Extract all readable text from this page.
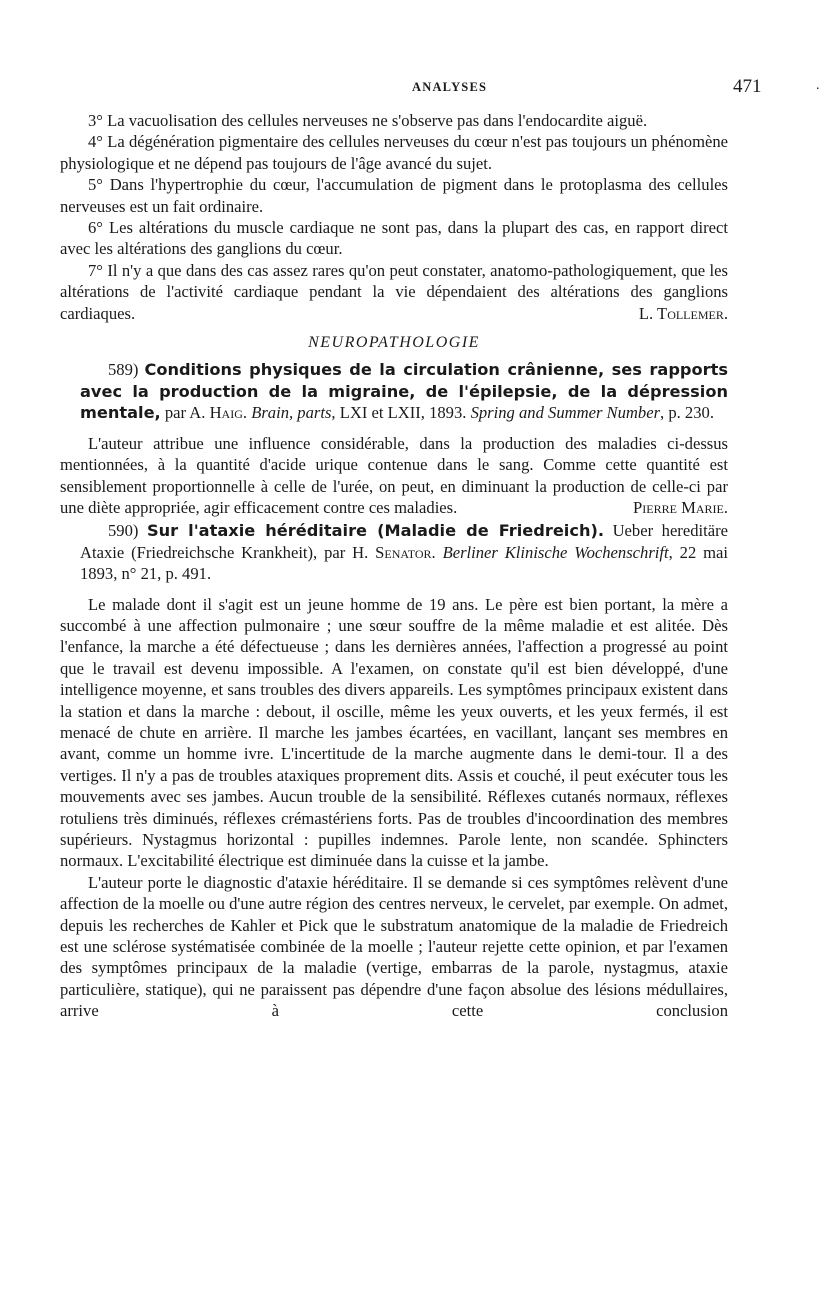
ANALYSES	471	.

3° La vacuolisation des cellules nerveuses ne s'observe pas dans l'endocardite aiguë.

4° La dégénération pigmentaire des cellules nerveuses du cœur n'est pas toujours un phénomène physiologique et ne dépend pas toujours de l'âge avancé du sujet.

5° Dans l'hypertrophie du cœur, l'accumulation de pigment dans le protoplasma des cellules nerveuses est un fait ordinaire.

6° Les altérations du muscle cardiaque ne sont pas, dans la plupart des cas, en rapport direct avec les altérations des ganglions du cœur.

7° Il n'y a que dans des cas assez rares qu'on peut constater, anatomo-pathologiquement, que les altérations de l'activité cardiaque pendant la vie dépendaient des altérations des ganglions cardiaques.	L. Tollemer.

NEUROPATHOLOGIE

589) Conditions physiques de la circulation crânienne, ses rapports avec la production de la migraine, de l'épilepsie, de la dépression mentale, par A. Haig. Brain, parts, LXI et LXII, 1893. Spring and Summer Number, p. 230.

L'auteur attribue une influence considérable, dans la production des maladies ci-dessus mentionnées, à la quantité d'acide urique contenue dans le sang. Comme cette quantité est sensiblement proportionnelle à celle de l'urée, on peut, en diminuant la production de celle-ci par une diète appropriée, agir efficacement contre ces maladies.	Pierre Marie.

590) Sur l'ataxie héréditaire (Maladie de Friedreich). Ueber hereditäre Ataxie (Friedreichsche Krankheit), par H. Senator. Berliner Klinische Wochenschrift, 22 mai 1893, n° 21, p. 491.

Le malade dont il s'agit est un jeune homme de 19 ans. Le père est bien portant, la mère a succombé à une affection pulmonaire ; une sœur souffre de la même maladie et est alitée. Dès l'enfance, la marche a été défectueuse ; dans les dernières années, l'affection a progressé au point que le travail est devenu impossible. A l'examen, on constate qu'il est bien développé, d'une intelligence moyenne, et sans troubles des divers appareils. Les symptômes principaux existent dans la station et dans la marche : debout, il oscille, même les yeux ouverts, et les yeux fermés, il est menacé de chute en arrière. Il marche les jambes écartées, en vacillant, lançant ses membres en avant, comme un homme ivre. L'incertitude de la marche augmente dans le demi-tour. Il a des vertiges. Il n'y a pas de troubles ataxiques proprement dits. Assis et couché, il peut exécuter tous les mouvements avec ses jambes. Aucun trouble de la sensibilité. Réflexes cutanés normaux, réflexes rotuliens très diminués, réflexes crémastériens forts. Pas de troubles d'incoordination des membres supérieurs. Nystagmus horizontal : pupilles indemnes. Parole lente, non scandée. Sphincters normaux. L'excitabilité électrique est diminuée dans la cuisse et la jambe.

L'auteur porte le diagnostic d'ataxie héréditaire. Il se demande si ces symptômes relèvent d'une affection de la moelle ou d'une autre région des centres nerveux, le cervelet, par exemple. On admet, depuis les recherches de Kahler et Pick que le substratum anatomique de la maladie de Friedreich est une sclérose systématisée combinée de la moelle ; l'auteur rejette cette opinion, et par l'examen des symptômes principaux de la maladie (vertige, embarras de la parole, nystagmus, ataxie particulière, statique), qui ne paraissent pas dépendre d'une façon absolue des lésions médullaires, arrive à cette conclusion
